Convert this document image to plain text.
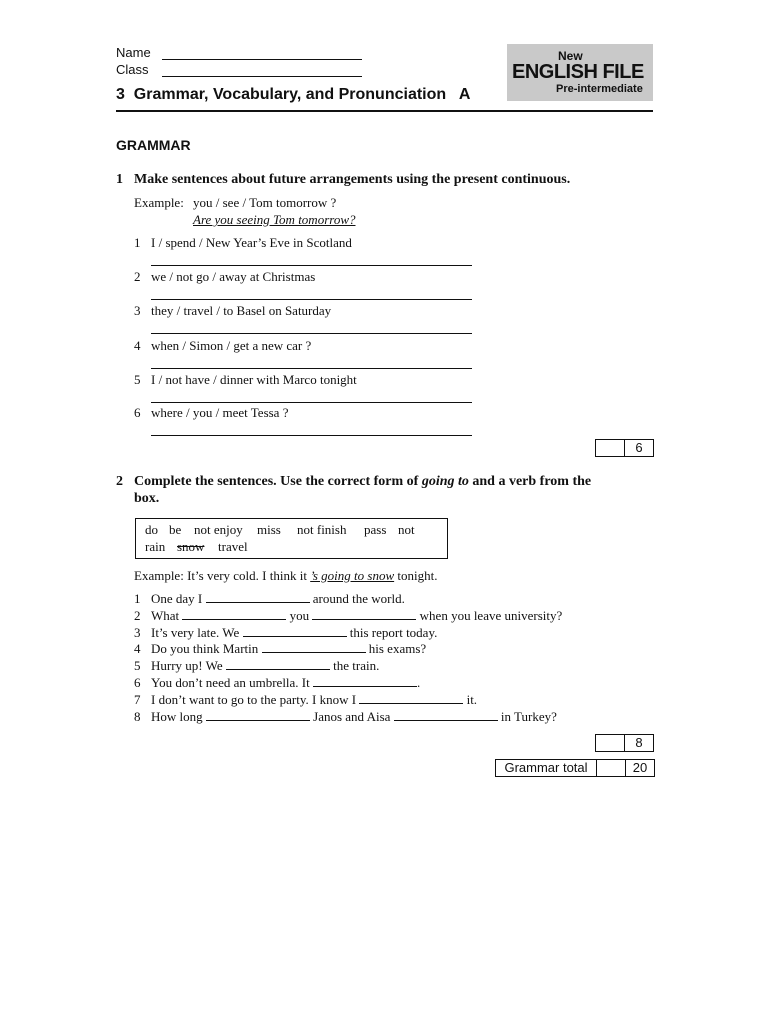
Name
Class
New
ENGLISH FILE
Pre-intermediate
3  Grammar, Vocabulary, and Pronunciation   A
GRAMMAR
1 Make sentences about future arrangements using the present continuous.
Example: you / see / Tom tomorrow ?
Are you seeing Tom tomorrow?
1 I / spend / New Year’s Eve in Scotland
2 we / not go / away at Christmas
3 they / travel / to Basel on Saturday
4 when / Simon / get a new car ?
5 I / not have / dinner with Marco tonight
6 where / you / meet Tessa ?
6
2 Complete the sentences. Use the correct form of going to and a verb from the
box.
do be not enjoy miss not finish pass not
rain snow travel
Example: It’s very cold. I think it ’s going to snow tonight.
1 One day I	around the world.
2 What	you	when you leave university?
3 It’s very late. We	this report today.
4 Do you think Martin	his exams?
5 Hurry up! We	the train.
6 You don’t need an umbrella. It	.
7 I don’t want to go to the party. I know I	it.
8 How long	Janos and Aisa	in Turkey?
8
Grammar total	20
